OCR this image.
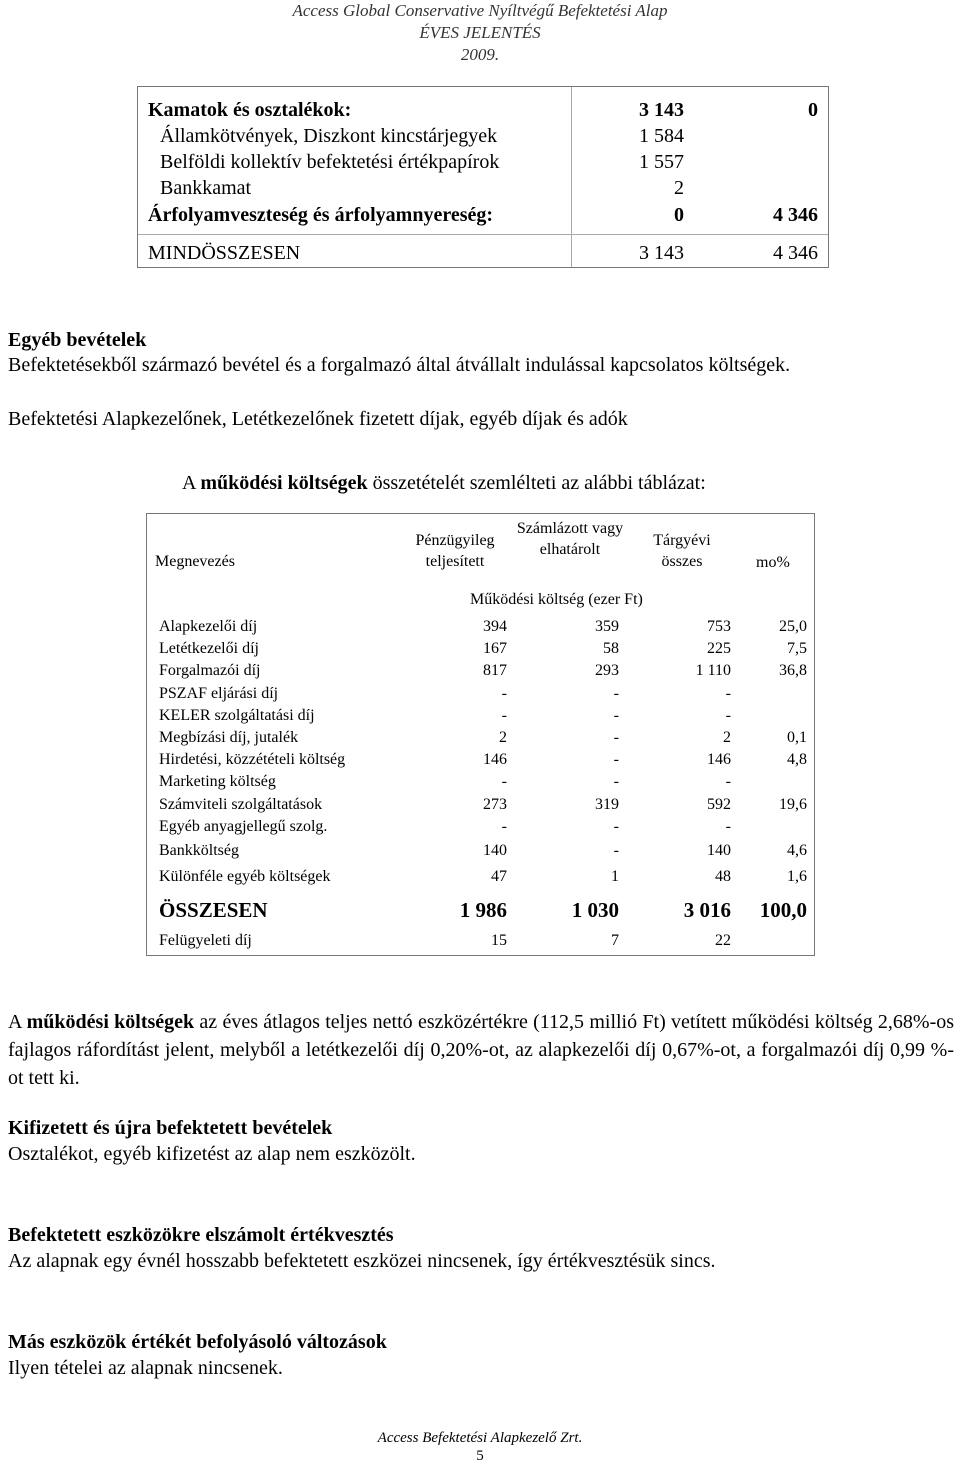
Access Global Conservative Nyíltvégű Befektetési Alap
ÉVES JELENTÉS
2009.
Kamatok és osztalékok:	3 143	0
Államkötvények, Diszkont kincstárjegyek	1 584
Belföldi kollektív befektetési értékpapírok	1 557
Bankkamat	2
Árfolyamveszteség és árfolyamnyereség:	0	4 346
MINDÖSSZESEN	3 143	4 346
Egyéb bevételek
Befektetésekből származó bevétel és a forgalmazó által átvállalt indulással kapcsolatos költségek.
Befektetési Alapkezelőnek, Letétkezelőnek fizetett díjak, egyéb díjak és adók
A működési költségek összetételét szemlélteti az alábbi táblázat:
Megnevezés
Pénzügyileg teljesített
Számlázott vagy elhatárolt
Tárgyévi összes	mo%
Működési költség (ezer Ft)
Alapkezelői díj	394	359	753	25,0
Letétkezelői díj	167	58	225	7,5
Forgalmazói díj	817	293	1 110	36,8
PSZAF eljárási díj	-	-	-
KELER szolgáltatási díj	-	-	-
Megbízási díj, jutalék	2	-	2	0,1
Hirdetési, közzétételi költség	146	-	146	4,8
Marketing költség	-	-	-
Számviteli szolgáltatások	273	319	592	19,6
Egyéb anyagjellegű szolg.	-	-	-
Bankköltség	140	-	140	4,6
Különféle egyéb költségek	47	1	48	1,6
ÖSSZESEN	1 986	1 030	3 016	100,0
Felügyeleti díj	15	7	22
A működési költségek az éves átlagos teljes nettó eszközértékre (112,5 millió Ft) vetített működési költség 2,68%-os fajlagos ráfordítást jelent, melyből a letétkezelői díj 0,20%-ot, az alapkezelői díj 0,67%-ot, a forgalmazói díj 0,99 %-ot tett ki.
Kifizetett és újra befektetett bevételek
Osztalékot, egyéb kifizetést az alap nem eszközölt.
Befektetett eszközökre elszámolt értékvesztés
Az alapnak egy évnél hosszabb befektetett eszközei nincsenek, így értékvesztésük sincs.
Más eszközök értékét befolyásoló változások
Ilyen tételei az alapnak nincsenek.
Access Befektetési Alapkezelő Zrt.
5
